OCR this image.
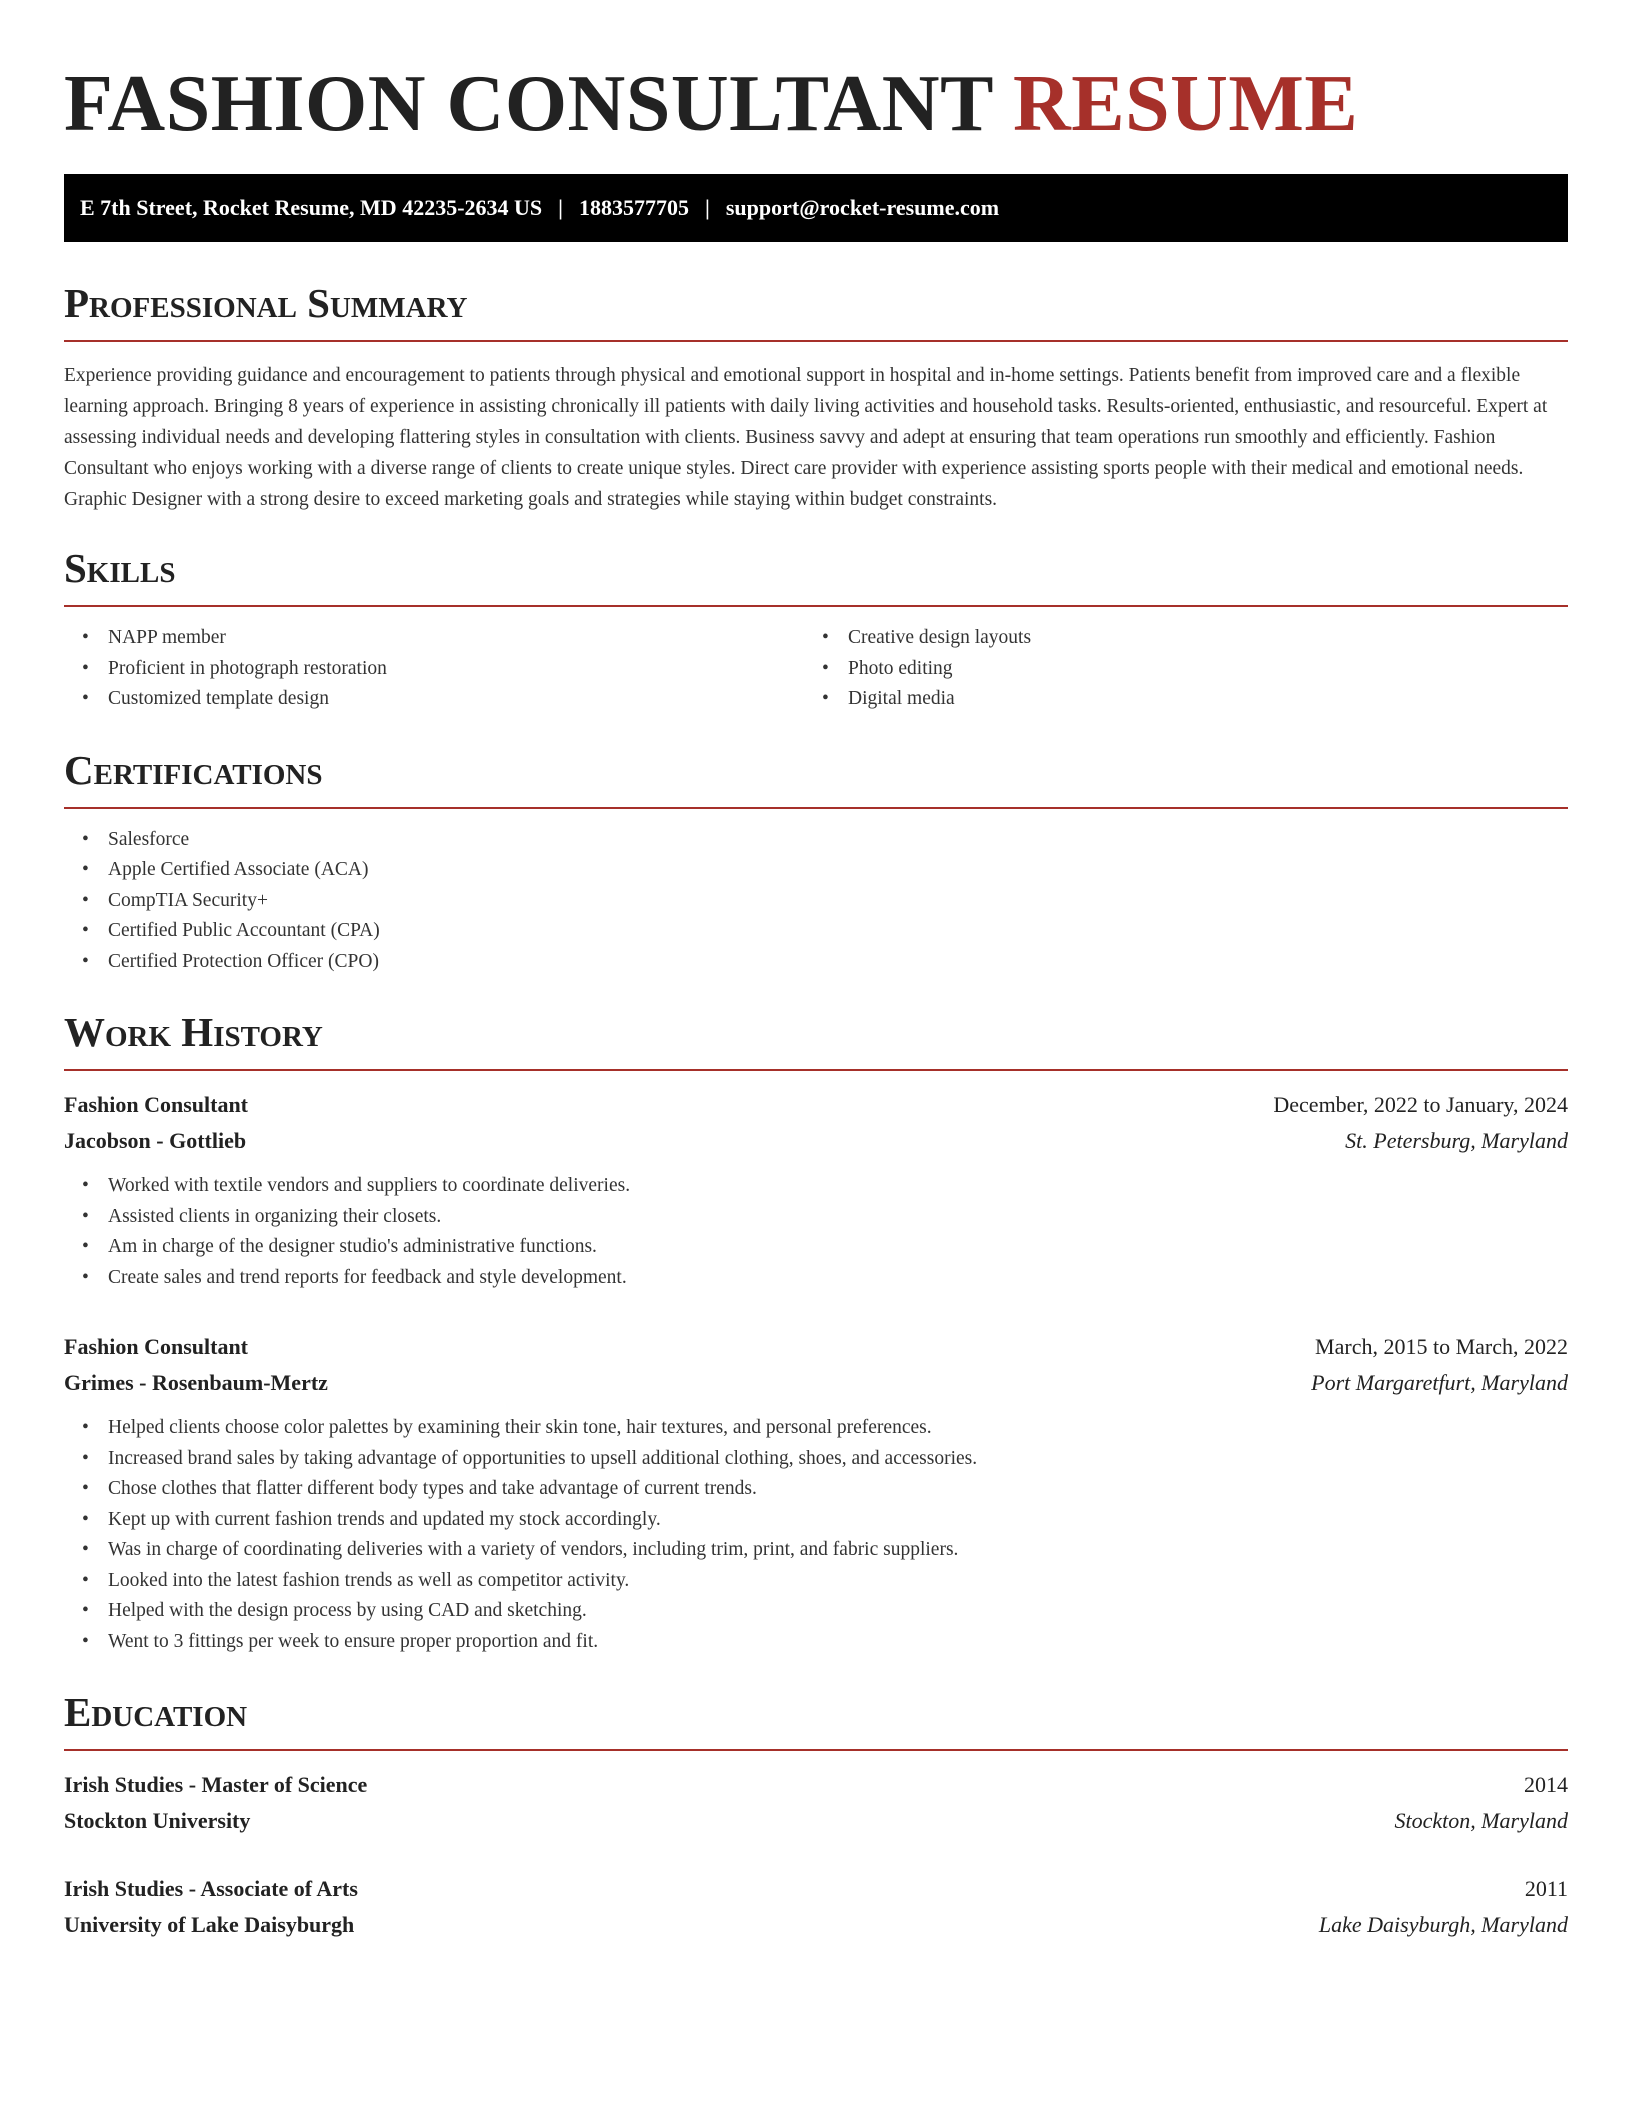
FASHION CONSULTANT RESUME
E 7th Street, Rocket Resume, MD 42235-2634 US | 1883577705 | support@rocket-resume.com
Professional Summary

Experience providing guidance and encouragement to patients through physical and emotional support in hospital and in-home settings. Patients benefit from improved care and a flexible learning approach. Bringing 8 years of experience in assisting chronically ill patients with daily living activities and household tasks. Results-oriented, enthusiastic, and resourceful. Expert at assessing individual needs and developing flattering styles in consultation with clients. Business savvy and adept at ensuring that team operations run smoothly and efficiently. Fashion Consultant who enjoys working with a diverse range of clients to create unique styles. Direct care provider with experience assisting sports people with their medical and emotional needs. Graphic Designer with a strong desire to exceed marketing goals and strategies while staying within budget constraints.

Skills
• NAPP member
• Proficient in photograph restoration
• Customized template design
• Creative design layouts
• Photo editing
• Digital media
Certifications
• Salesforce
• Apple Certified Associate (ACA)
• CompTIA Security+
• Certified Public Accountant (CPA)
• Certified Protection Officer (CPO)
Work History
Fashion Consultant	December, 2022 to January, 2024
Jacobson - Gottlieb	St. Petersburg, Maryland
• Worked with textile vendors and suppliers to coordinate deliveries.
• Assisted clients in organizing their closets.
• Am in charge of the designer studio's administrative functions.
• Create sales and trend reports for feedback and style development.
Fashion Consultant	March, 2015 to March, 2022
Grimes - Rosenbaum-Mertz	Port Margaretfurt, Maryland
• Helped clients choose color palettes by examining their skin tone, hair textures, and personal preferences.
• Increased brand sales by taking advantage of opportunities to upsell additional clothing, shoes, and accessories.
• Chose clothes that flatter different body types and take advantage of current trends.
• Kept up with current fashion trends and updated my stock accordingly.
• Was in charge of coordinating deliveries with a variety of vendors, including trim, print, and fabric suppliers.
• Looked into the latest fashion trends as well as competitor activity.
• Helped with the design process by using CAD and sketching.
• Went to 3 fittings per week to ensure proper proportion and fit.
Education
Irish Studies - Master of Science	2014
Stockton University	Stockton, Maryland
Irish Studies - Associate of Arts	2011
University of Lake Daisyburgh	Lake Daisyburgh, Maryland
